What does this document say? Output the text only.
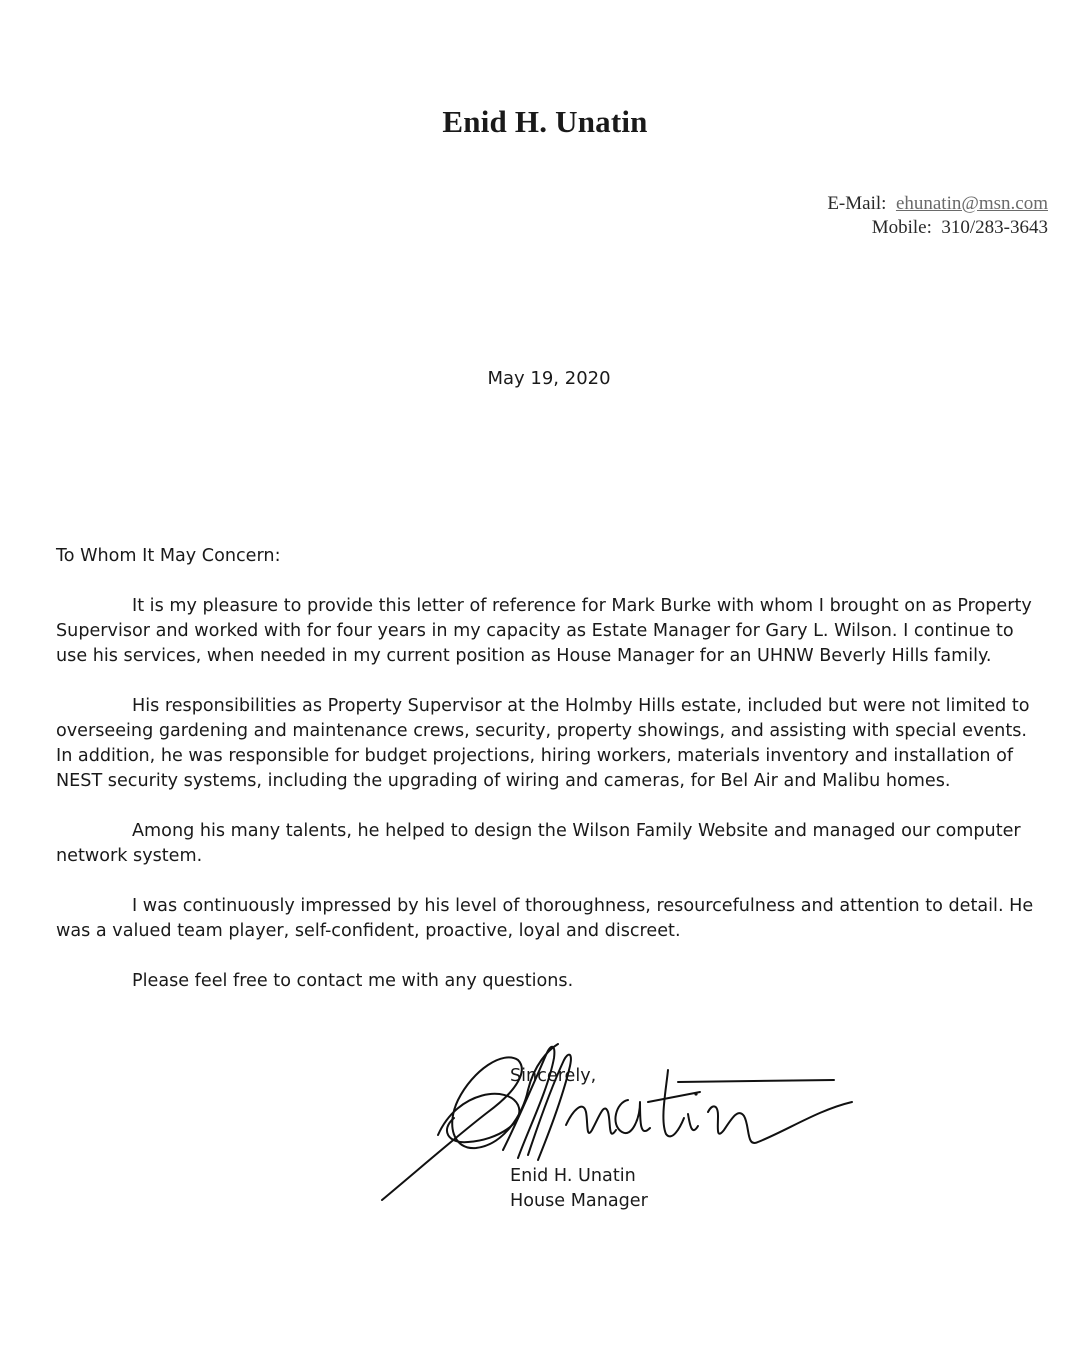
Enid H. Unatin
E-Mail: ehunatin@msn.com
Mobile: 310/283-3643
May 19, 2020

To Whom It May Concern:

It is my pleasure to provide this letter of reference for Mark Burke with whom I brought on as Property Supervisor and worked with for four years in my capacity as Estate Manager for Gary L. Wilson. I continue to use his services, when needed in my current position as House Manager for an UHNW Beverly Hills family.

His responsibilities as Property Supervisor at the Holmby Hills estate, included but were not limited to overseeing gardening and maintenance crews, security, property showings, and assisting with special events. In addition, he was responsible for budget projections, hiring workers, materials inventory and installation of NEST security systems, including the upgrading of wiring and cameras, for Bel Air and Malibu homes.

Among his many talents, he helped to design the Wilson Family Website and managed our computer network system.

I was continuously impressed by his level of thoroughness, resourcefulness and attention to detail. He was a valued team player, self-confident, proactive, loyal and discreet.

Please feel free to contact me with any questions.

Sincerely,
Enid H. Unatin
House Manager
